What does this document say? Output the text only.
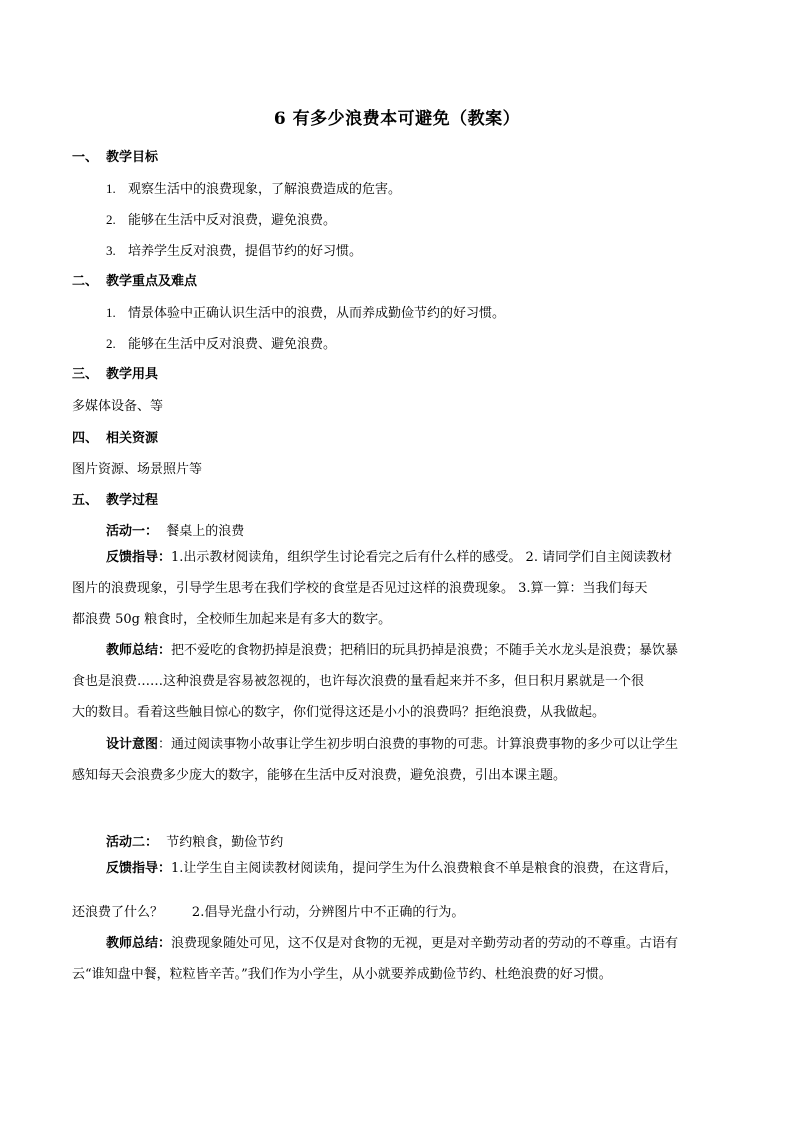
6 有多少浪费本可避免（教案）
一、 教学目标
1. 观察生活中的浪费现象，了解浪费造成的危害。
2. 能够在生活中反对浪费，避免浪费。
3. 培养学生反对浪费，提倡节约的好习惯。
二、 教学重点及难点
1. 情景体验中正确认识生活中的浪费，从而养成勤俭节约的好习惯。
2. 能够在生活中反对浪费、避免浪费。
三、 教学用具
多媒体设备、等
四、 相关资源
图片资源、场景照片等
五、 教学过程
活动一： 餐桌上的浪费
反馈指导：1.出示教材阅读角，组织学生讨论看完之后有什么样的感受。 2. 请同学们自主阅读教材
图片的浪费现象，引导学生思考在我们学校的食堂是否见过这样的浪费现象。 3.算一算：当我们每天
都浪费 50g 粮食时，全校师生加起来是有多大的数字。
教师总结：把不爱吃的食物扔掉是浪费；把稍旧的玩具扔掉是浪费；不随手关水龙头是浪费；暴饮暴
食也是浪费……这种浪费是容易被忽视的，也许每次浪费的量看起来并不多，但日积月累就是一个很
大的数目。看着这些触目惊心的数字，你们觉得这还是小小的浪费吗？拒绝浪费，从我做起。
设计意图：通过阅读事物小故事让学生初步明白浪费的事物的可悲。计算浪费事物的多少可以让学生
感知每天会浪费多少庞大的数字，能够在生活中反对浪费，避免浪费，引出本课主题。
活动二： 节约粮食，勤俭节约
反馈指导：1.让学生自主阅读教材阅读角，提问学生为什么浪费粮食不单是粮食的浪费，在这背后，
还浪费了什么？       2.倡导光盘小行动，分辨图片中不正确的行为。
教师总结：浪费现象随处可见，这不仅是对食物的无视，更是对辛勤劳动者的劳动的不尊重。古语有
云“谁知盘中餐，粒粒皆辛苦。”我们作为小学生，从小就要养成勤俭节约、杜绝浪费的好习惯。
